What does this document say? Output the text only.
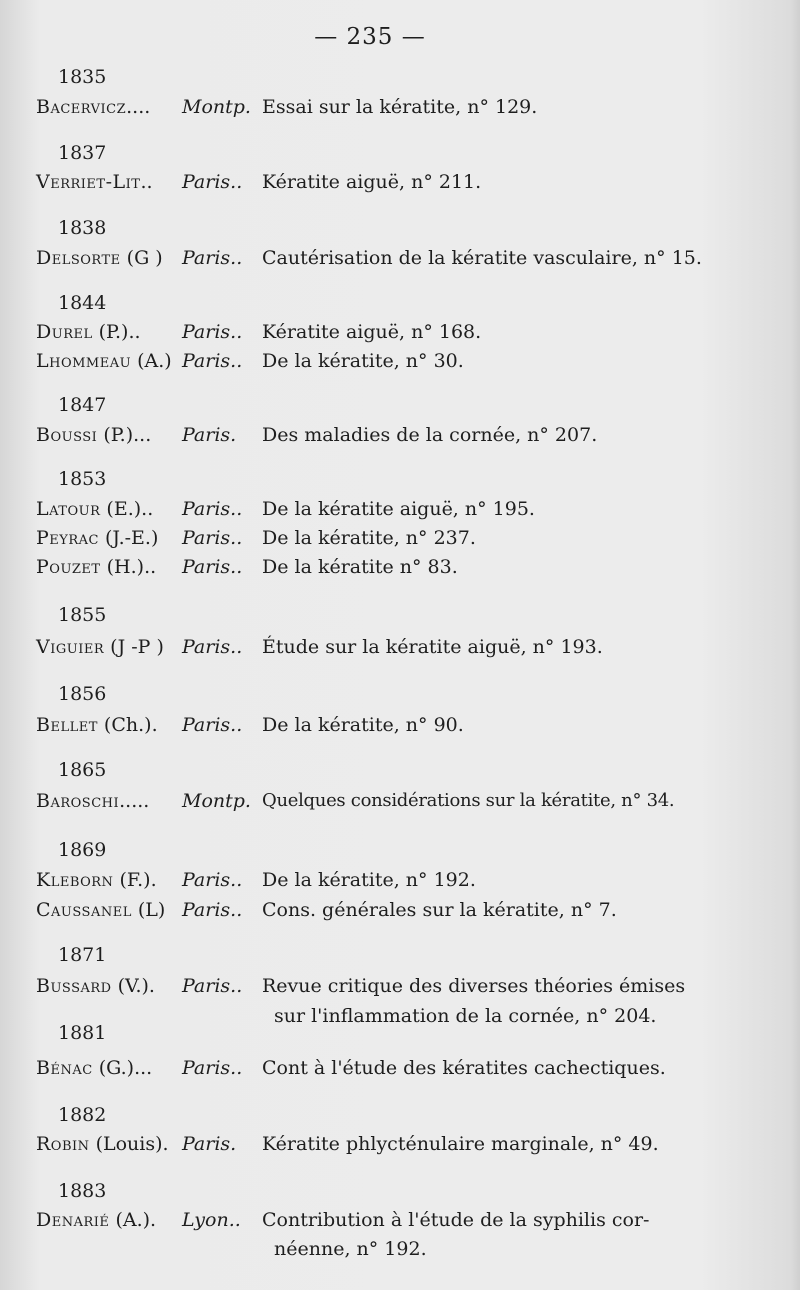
— 235 —
1835
Bacervicz.... Montp. Essai sur la kératite, n° 129.
1837
Verriet-Lit.. Paris.. Kératite aiguë, n° 211.
1838
Delsorte (G ) Paris.. Cautérisation de la kératite vasculaire, n° 15.
1844
Durel (P.).. Paris.. Kératite aiguë, n° 168.
Lhommeau (A.) Paris.. De la kératite, n° 30.
1847
Boussi (P.)... Paris. Des maladies de la cornée, n° 207.
1853
Latour (E.).. Paris.. De la kératite aiguë, n° 195.
Peyrac (J.-E.) Paris.. De la kératite, n° 237.
Pouzet (H.).. Paris.. De la kératite n° 83.
1855
Viguier (J -P ) Paris.. Étude sur la kératite aiguë, n° 193.
1856
Bellet (Ch.). Paris.. De la kératite, n° 90.
1865
Baroschi..... Montp. Quelques considérations sur la kératite, n° 34.
1869
Kleborn (F.). Paris.. De la kératite, n° 192.
Caussanel (L) Paris.. Cons. générales sur la kératite, n° 7.
1871
Bussard (V.). Paris.. Revue critique des diverses théories émises
sur l'inflammation de la cornée, n° 204.
1881
Bénac (G.)... Paris.. Cont à l'étude des kératites cachectiques.
1882
Robin (Louis). Paris. Kératite phlycténulaire marginale, n° 49.
1883
Denarié (A.). Lyon.. Contribution à l'étude de la syphilis cor-
néenne, n° 192.
